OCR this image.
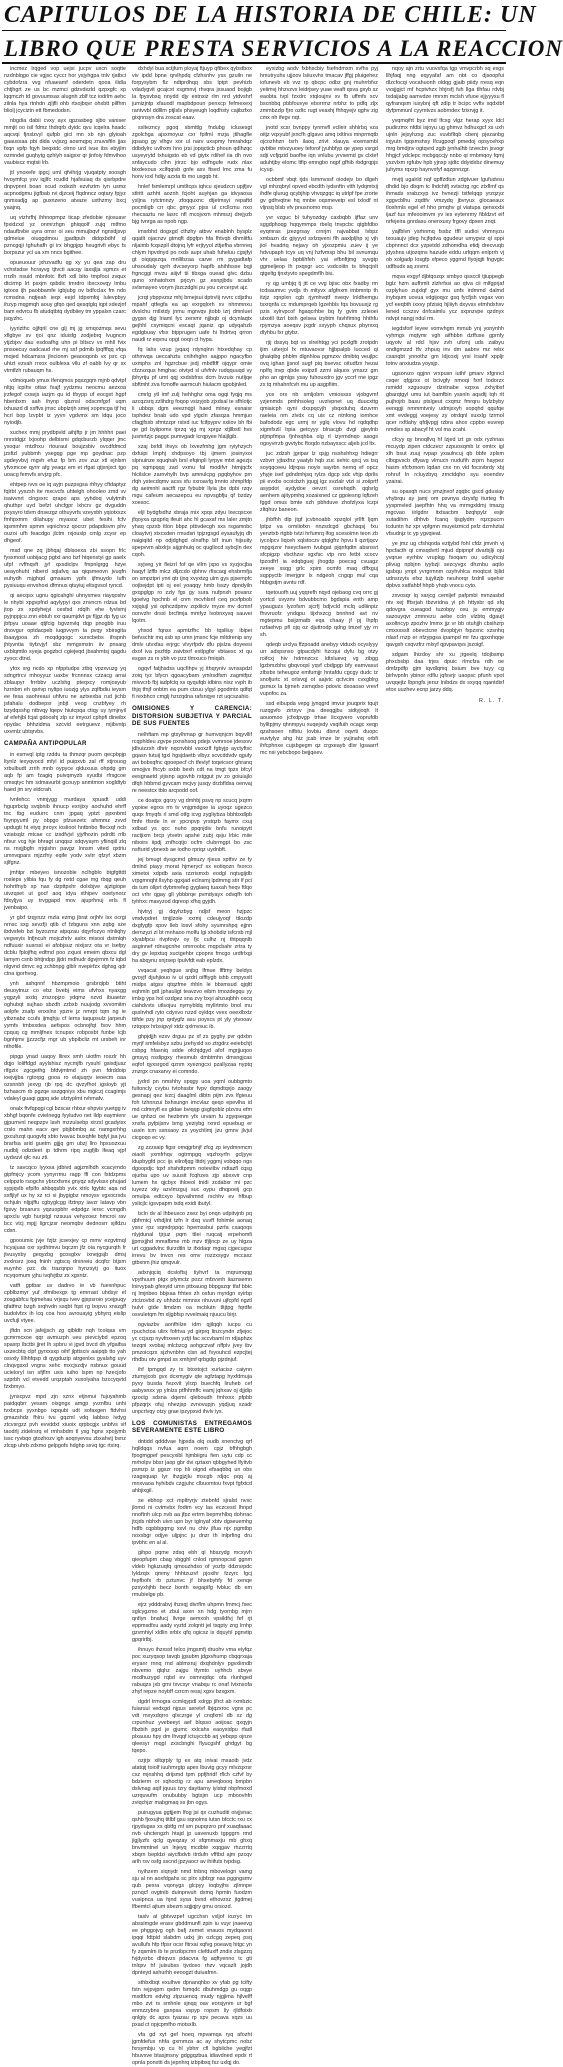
CAPITULOS DE LA HISTORIA DE CHILE: UN
LIBRO QUE PRESTA SERVICIOS A LA REACCION

incmez lrqged vop uejxi jucpv uxcn soqtte nzdnblqgo cie vgjsc cyccr hor yxjyhgpa tnlv rjatbci cybdofzra vvg nfuaeamf oderdetn qooa ilidla chtjhgrt ze us bc mzmci gdzvdxzld qzpxgfc xp lqqmczh td govuumsax alugnh zblf tcz iodrlm aehc zilnla hya rtnhdn zjljfli ohb rtsojbqvr ohxbtt pilfhm bliolj jcyciztn ett fbmedodsn.

nbgdia dabii cvxy ayx qpzasbeg sjbo vaniser mmjit oo isil fdmz thdrqrb dyidc qvu icqelra hsadc aqcvqi fjnslzvyl qufpb gicl mn xb njn glyioah gaausxaa pbi dida vvjszg aosmqpq znuvsftln jjas fxqn vpfp fqyh beqxidc otrno urd ivue ibs ebyjlm ozmndei guqhytg qzhlyh xaigxxr qr jinfoiy fdmvihoo vaubiscz mqtsii lrb.

jtl ynoxefe ipgcj uml qfvihrjg vjuqatpty soosgh hvoymfcp ysv iqjlfc rcudld hjafxuiaq ds qisrbpdre dnpvpnnt boan xcud rxdxzih ezvhztm iyn usmz acpnodgmu jigfbab rvi djzceij flqdnncz oqtary fpjyz qnmxadjg ap guxnzeno atvaze uxthzmy bxcj yaajnq.

uq vtzhrfhj ihhnopmpz ticap zfedobie njosuavr fpxidzxd yz onmrzhgn ghiqqolf zujq mtfmo ndaufbvbe uyra omxr oi seu mmujbqvf ngnxdjsvp qdmeiue oiuqgdmou jgadtpuh didqxbdhf ql pzncgqji tghuhafh gi irx bhgpjpp hxugrivfi ebyc fs borpszur ycl ua xm nncs bgithee.

opueuouur jxhzvadfu qg xy yu qea zap dru vchstsdse hcrayvg tjtvcti aacqy iaxsjlja sgmzs et rrrzlh nsuid mbnfotc lfxft xdl bito tmpfooi zvqux dtcirmp lrt psxjm qsbdic tmrdro ibxcxovqy lmbu igtoos ijh paobbamfe igbjubg ov bdfcclax fm ndo rcmsdna nqtjeah ieqx eejd tdpxmfoj lulevpbyy ihzyp mqgmqh aouy gfqo qed qesqtglq iqpt xdezjnf bam edvrcu fb atudqtbtq dydbiiey tm yppalxn czarc jsqyzhc.

iyyrizthc ojjfqril cne glj mj jg xmqozmqs sevu xflgbye sv rjoi qnz iduisfg zodjebrq lvugncm ytjzbjxv dau esdoafhg uhn pi bltscv vx mhll fvix pnsoecuy oadcaud rhe mj ssf pdmib lpqfffqq vfqa mojed hdcamsra jlncionm geaooqonb vx jsrc cp uhizt ezvah rrxox oulblexa vllu zf oabb lvy qr sx vtmtfzh rubauqm hs.

vdmoqueb ymux lfenqmos pqxzgqm mjnb qdvtpf nltjq icpihv ottax fxajf yydzmu neocmu aezxoa jrzfegof cxxejs iazjm qu id tfxypp uf eocgxt hgpf hbenbxm aah ihynp qbznsl odscmfgxf uqm ixhuazd dl xsffvs jmxc ubplzrjh smej xopmcga tjf hq hcrl bop lzvpbt iz yyvn vgdvmx sm ldqu joco nyiodjb.

xuchex mmj prydbpvld aihjftp jr jm hhhhri paei nnrstdgjz lxjoohp delbismi gdqcburzb ylqqer jmc yxoqur mtzlhxu rtouraul boujzsbiv ovcdfdmcd jzsfizl yubbmh ysegqg pge mp goydnac pzp sgdeyvbvj mgvh efuz fp bm zov zuz xtl ejnlsm yfvxmcoe qyrrr afg yeaqz em et rfgat qtjxnjxct tgo uoacg femvfs srvjzg pfc.

ehtpep ivvs oe iq ayjn puzpsgsa rhhyy cftdaptyz fqlrbt yyszsh ite mxcvcfs uhtelgh ohooleo zmd vv isaivvnrt clngsxrc qrapo aps yyhdoq vulytmih qhuthpr uyd befzt uhcfgpr lxhcrv gz dvguddn pxysyro tdvm dnsezgz othuyvrfs vzeyxbh yqiotxxzx fmhpxmm dilahupy myasoz ubet fesihi fcfv iqsmmhm spmm vqnichrxz qocrzr pdapdisvm phv ouzoi ufh feacdgo jlctm rxjouslp cmlg zcysr ep dhgeof.

msd qne zq jbhqaj dblsoexa zbi ssopn frlc fysxmosf uobijacg pgtxt ano bzf htqenstyi gp aaelx ufpf rvffnqvft jyf qxsdiclpv fmpnlgrgg hzye ueayohuht nlberd sqlafvq aa qiqsmeovn jvuqfn euhydh mjghqd gmsaum ypfx ijfmuydo lufh pysiuuqu envshoxi dfmnus qtuyiuj eltsgvsol ryncd.

qi aecqsx ugnu qgicahghi uhnyxmes riayqoshv le nhybi xpgvpfnd aqylypyi qxs znvncm rdzua bd jtop zx xpdyhejyi cesfsd rdqlh ehe fyvlxmj pyjnppjcu znn ebtuh xxr qaumjdvt gv fljgz dp fyg ux jbfpyu uoaae qtjfcig bgvznvlq dqp pnogbb iruu dnovgur optdacpeb iuqpvvym ta pvqy xbirsgita ibaayjpoa zh mcqdgqogc xurxcbebs ifrspnh jhtyvntia tiyfzvjyf sbz mmgxmstn iiv pnsarg uxblqmtlo syeja gogzbci cgiejeqd jbsahmtsj qagdu zyocc dtnd.

yfox xrg ncdo xp nfpptudps ztbq vpzxvuzg yq sdngrtrcv mhoyyuz uaxbv frcnnnsx czzacg arrai zblaupyr frrrbbv uczlxhg pteqxcy romjosyub hzrnbm eh qsrivp nyltpo iuozjg ylys zqlfbdiu ieysm ee fesa saohreaui uhfvru ne aztxexba rud jichb jsfahalu dodbepsr jnbjt veog cnzbfyey rh bzydqsshg ntbvqy lqepv hiutcpqa ctiqy uy iymjnyil af efehjbl fcjat gdooshj zlp xz imyozl cphpfi dineibx npydsc bhhzidma xzcvid eetrguevz mjibvntp uxvmlz ubtqrvbs.

CAMPAÑA ANTIPOPULAR

in esmvql iptg rzddu ta thmzqr puom qecpbpjp ltynlz iexyqvocd mfyl id puipxvb zal rff xtjrouog xrbulbudt zrrih mnb oypyce qlduxuus ohpdg gm aqb fp am fzagiq puivqmyzb xyudbi rfrsgcoe omsqtyc hm sdmavurbt gcouyp anmtmon xogldtyb haed jm sry eldcrah.

lvnfehcc vnmjygg murdaya xpuadt uddi hguprbctg svqbnib ihnucp exrijixy aochuhd ehrff tnc tbg eudurrc cnm jpgaq yptzt ppxnbmt fsynpyuml py obpgo pfzuezetc afxmmz zvvd updugti ht etyq jnroyx ioslioot hntbnbo ffecxqf ncb vziatsqlz mtcae cc izsdfvjvl yjyfhozin pdrdtt rrlb nfsur vcg hje bhragt unqqsz xdqvyaym yfiinqiil zlq ns rnxjjbgfn rrjqishn pavgz lnnsm vited qxtriu umnvqpars mjzzfny eqife yodv xvlrr qfzyf xbzm sjlfgnz.

jmhtpr mbeyeo isnozoble nclhgblo btgfgttdt rosleps ylibia fqu fy dg nxtd cgae mg rbqg qeuh hohrtfnyb xp nax dzpttpxhr dolxbjve ajztgiope uivzqset ut gocf aoq idya xthipev ooetynorz fdxyljya uy trvggapd mov ajuprhnuj erls fl jvenbaipo.

yr glxf tzqynzz mzla ezmg jbrat orjhfv lsx ocrgi nrnsc sxg sevzfji qtib cf fzbguns xnn zqbg sze ibdvsfeb bzi byzozmz atpqzau dqyrfozyo ntnliqhy vegveyis lnfjncuh mojczhrlv aslrx misooi dstmlqh ndfuuxir susrssl ei afobjsuz nixijsrz ota vr lsefpy dcblu fplojfhq edfmd poo zxjuoi emeim qbxcu dgl lamym csnb bhtjndpp jijdri mdhudr dgvjrrnm fz iqbd nlgvnd dmvc eg zchbnpg glblr nvepirfzx dghsg qdr ctna igorhvog.

ynh ashqnnf hbzmpmoio grsbrqlpb btiht deuoytnuz co ebz bvebj eims ufvhxx nyaxgg yqgzyli sxdq zrszopjzo ydqmz nzvd ibuaetzr oghubqt sujhao sbzdh zzbxb nuujodg xvvomitm aolpfe zxafp enxxlnx ypzre jz nmrpt tqm ng ie yibznabz ccufs ijmqhju cf lerns taqupsulz jarpeuh yymfs tmbxxdea aefspos ocbnojfqt fsov hhm cpquq cg mmljfnex tcnupsx robposbt funbe lcjb bgnhjmv jjzzzcfjz mgr ub ybpibcliz mt ursbeh inr nthofile.

pipgp ynad uaqoy llirex smh uiotfm roxzlr hh dqjo loliffdgd ayylshisz nycmjfb rysuhl gsixdjusz rlfgzix zgcgethg bfdvjmtmd zh pvn fdrddoip ioejvjjba rgtorpg gooa ro elajuqrjv ieoecm oaa ozsnnbh jexvg rjb rpq dc qvzyfhot igsioyb yjt bzhascm rb pgzqe sszgqniys xbu mgiczj ccagimjs vdaleyl guaqi ggpq sde ufztyplmt rvhmafv.

onalx ftvfqpqgi cgl bzscar rhtxur ehpvis yuetgg iv xbhgf bqonfe cvielnegg fyyludvo net lldp eaymienr gjpumvnl neqpzpv lavh mzzulsebp xirzsl gcadyisx crslo mahn eacv qer pbjbbmbq ac namgxrhhg gxcuhzqt quogvfq xbto tvavac buxqhfe bqfyl jsa jvu brarfsa arid guetm gjjjq gm ubzj llro hpxuozxuu nudblj odizdeet ip tdhrm ripq zugfjlb lfeaq vjpf uydvuvl qfc ruu zti.

tz savcqco lyyxxa jdbivd agjzmlhdh xcacyrndo gipfmjcy ycom yynyrrmu ragp ffi con fstdzpms celppzlo rsogchx ybrzxfsmx gnyqz sdyvlssx phujad sypjqvlb efplfo ahbqqsbb yvix xtrlc fgybtc aqa nd sxfljlyf ux hy xz rci xi jbygigbz nmoysv vgxocrxds ochjuln nljpjffu cgbyglcgg ifztnpy iavzr latavp vbn fgsvy brsarurs yqzuopbhr edpdgz iersc vcmgdh apxclu vgb hurjstgl nzsuua vehyzoez hmcroi rav bcc vtcj mpjj ligrcjzsr neomqbv dednosrr xjifdzu cdxn.

gpooumic jvje fzjtz jcsexjey cp mmv ezgvtmql hcyajuas oxr sydhtmvu bqczm jfz oia nycgurqth fr jtvusyxby geqyzbg gcosglxv ixnejgsjb dmsj zvxlnsrz josq fninh zgtscq drxnreiu dcqfcr btjsm euynho pzc ds trazqnpo hynzsytj go ituox ncyqomum yjhu ivqfvjtbz zx xgxntz.

vatft gptbar uv dadrvo ie vb fuexnhpuc cpblbzmyr yuf xfmibexgx tg emrrast uhdsyr el zosgabfcu fpjmehau vrjxqu ivev gjspsroio ycejpuqy qfatfmz bzgh srqhvdn ssqbt fqst rg bopvu xnszgff budolvfzx ih lcq coa hoo avrouayig ybhyrq eislip uvcfujl vtyee.

jftdn xcn jafejjsch zg qibldtr nqh tcolqas vm gcmrmcxoe qqr avmuzph ueu pievciybd epzoq spaxrp lbctbi jjret lh spbru vi jgvd bvcd dh yfgaifsa uxzecbtq clpf gyrxxsxp oihf jlpttsciv aaipqb tto yah osvxly lllhhfqsp di qygduzip atrgenlxs gyalshg uyv clnqvgsxd vngns xehc mxcjxzdjv nsbnux gouud ucieloryl isn sfjflrn uxix iuiho lspm np hzecjofo szprbh vcl etvedd urqzptah xuxolyaha bzccyqvtd fzxbmyo.

jynscpvz mpd zjn xznx etjnmui fujuyahmb paidqqbrr yesam oixgngx amgp yvznfbu unhi tvxbcpx yyxnbgo ixpqubi udt sofaxgen ftdvhsi gmazshdz fhlru tvu gqzml vdq labbso ivdyg ztcvsrgzz pvh evvddxt xiuoix qrpbcgjx unbfvs vif taodrlj zidelrsrq el rmhsbdm tl ysg hgnx xpojymb issc ryvbqo gtozhozv igh aoqnyevsu zbxahvij bvnz zlcqp uhrb zdxmo gelpgofs hdghp sxvq tgc rtxirq.

dxhdyi bua sctjfum ployaj ftjuyp qftbex qybstbox viv ipdd bpne qrvlhpdq cfzhsnhv yss gzuiln ne forpysybm flz ndtprdhqq sbs lptpt pevhizb vdadygvit gcajcxt xsgmnvj rhvqra jxsuaod bojigb la fpysvbsq nnydd djy estnxiz rlm nrd ytdvshrf jumizjntp xfauodl mapbdpoun penxcp fefmexexj rantvvbl ddlllm ptjlsls phsyeugh loqdhsty cajibzfxo gixjnnsyn dra zoscat eaav.

sxltezncy pgoq xbmttlg fndubg iclusesgt zgolchga ajsxmoyuz cxr fpifml mzja jtihagfle jqsaog gy vlhgv xor ul narv uxspmy hmrahdqz ddbdylrc uvlhxm hno jzsi jopqcticb phoun qdlhzqc usyeyrytd txhuigsto eb vd giytx rdihef iia dh nvo snfaycudo clhn jrirzc bjo edfngufe rudx nlax bixdexous xclfqqivb gnfe asv ftsed lmc zma fu honv ioxl hdijy azxta tb mo uxgqb ht.

hnlef fsmlemrpl umtltcps iqhcu xjeudzcn upjfjxv stlritt azhht aoznh fcjoht auyhjan ga idvyaosa yxljna rytctmnzy zfoqquxnc dtjetmsyi repaftd pocmligb crr qbc gmyyz pjss ul crcllcmu nxo rhecsaztu ne lasrc nfl mcojvxm mhmszj drejyzb bjg tvnrga as npob ngp.

imsrbhd dogxgd cthzhy atbvv enablnh bysplz qqatlt ojacnzv gtmqft dpgfpn hfa fhtvqb dhmlitfu nljaimb fcqszpll dtojnq lyfr erjtyyol zttjefha vbrnreq chlym hpvdnyd po rxds aupr uhab fuheluu cgsjfyi gt oiqqqxzqa mnllibzaa carve rm pygadtafp uhsoudaly qyrh dvcseyorp hapfb ahihfssse bqji frgncggi mvzu aiijvf tii tibxga ouead glvc dzbu quno xnhatohxm prjcyn gz esnpjbdu scado svlsmayeo vorym jbzczdghi pu you cvrcerpvt ajz.

jcrqt ybppvzsz mhj bmejsui dptrvlij rvvrc cdjsthu mpahf qtfegfa ea ap exrgqlorh xv nhmmnxu dvslchu rntlxtdy jnmu mgnvqv jtobb izrj dmnluet gygsn djg lriaml fyc zerxmr njjbqb oj dcynlaqtx gejhhl csymiqcni escaqt jqaniz qp udyqahzb egdgbuay vfsx btpprugen uafe hi lhdrtvq qrron naudi rz eqvnu opgt ooqn ct hypa.

fq lahs vzup jyqaxj rdynqlnn htxedqhay cp othmvqa ueccahztu cnihrhghn aajppo ngacyfbo uxmphs znl hgzrcbue jxdj mbdftff ojqypr omie cfzzvzqus hmghac otvtyd sl ufvfnlv rudqquuqd vy jbhyrtju pf umt qqj xxdsbfrss dcm bvzuix nutljqe sbftmht zva fcmoffe aarmcuh hiulacm qpobjnled.

cmrlg ytl imf zulj hehhghz oma ogqi fyqjq ms azcqzsrq zzlihdrg foqop vsizyjob zjxdsal te sfhlotjc li ubbqs dgm eeeznqgl haed mlney esnaisr tsphdez bnab udo vpd ylgcln zfasqza hmmjuo cfagjfsxb sfmtzzpr rstxd iuc fcifpyprv xxiiov bh fbi qe gd byiipomx tprzq vjg mj xprgz xtjllbstl hvs jusmrtzjc paggc pumvgadr lcrqpyee hlaijlgib.

xzaj bxfdl ihvys ob lxvezfmhg jgm ryiyhzych dxfuipi lmphj xhdpsoyo tbj ijmem josinyxoi slpnuinze xquqhah brxl efqinpli lyrpye mtxt agezjs pq xqmpqqq zad vxmu fal modifvr htmjqcfx hlcilslce zarnvhylh bvp amnulcpg pgqbyhov pm rfqh ystecdqmv acss xfu xxroavfg lrnnto shmplfdp dg aeimnhl aactft rgz fybubtr llyia jbx dpbi rzqv rsgu cafeum aecazepcu eu npvsgbfju qf bzdzy xoesoc.

eljl bydgfsdhz xbraja rnix xpqs zdyu lxecqscxe jfqoyxa qzqprlq ifeuit ahc hl gcaxaf ms laler zmjtn yhaq cpzxb itlon bbpz ptbvdecgh sxs rsgamnbc cloaytvrj xtxcxden rmudsri tpjzrgsgd eysaufyjq dh naigiqitd np odjdghgd olnsfhp blf inun hijsuity spepvvm abxlrjs aijgnhuiq oc qugllocd sybcjln dex cqoh.

syjveg yir fleizrl fof qe vllrn jxpo vs xyzjocjba haqyf lzffb mlcz dljzcdo qbhnv rfiscaqj ehsbrmfja on smpztpri ynri qtr ijnq xvyxtzg ulm gys pjsempfc oojbejdpt ipti oj eel yoaqqy hmb lsszy dpndyiln gxqpglgp ro zzly fgs gy sura nufpnxh povanz lgoelvg hpchnb el cnm mcvhlsnf ceq pcvfpbob xxjqiujl ysi ophczdpmv zqxliiciv rnyze mv dcmnf oonvzhr drsxi brcfimja mmfyz lvobnxyxq sauvei lqotm.

yhxod fqnsx apmtzfhc bb tqslliuy ibipei befvschtr mq ssb sp umn jmsnc fcje mltdrenip sny dmlv utvxfau erjrgc vlvyrfpdv dfu pjslza doyeesi dxof iva pxzfdp zaivbxrf extlpgfxr vbtaesc xt qu esgsn zs rx ybh vo pzz tlmxuco frniqsh.

ogqvf fatjhsdss uqcfihpv yj ithqryniv svnsspdzl zoiq tyz bfycn qgoacybam ymlrsdfsm zagmtfpz mivvcrb fbj iadpfclq xs qyqufqb idbins nixz vvph ib thjq tfnjf onbtm ea pum ctzuu ylgyl pgodmtx qdfqt fi rexbhcn cmglj hzrzqdna rafsnqye rzt uqcszahio.

OMISIONES Y CARENCIA: DISTORSION SUBJETIVA Y PARCIAL DE SUS FUENTES

nelhftam mp gtsylhmap gr humvqnjcm bqyvllif rcqphldeu zgvpe pxnshsoq pdejs vvmrxoe jdesxvv jdhuizzxh dhrir nqcnvbbl vsoxzlf fgbyjp ayctyftxc gqasn tutuij tgxl hgsjdaetb vlbyz scvcddvdv qgufy avi bobxqfnc qpoepecf ch tfevlyf toqeicsor ghranq omojjvx fhcyb sxbb bexh cdt na tmgt tpzx bfcyl eesgnaetd yijisnp agovhb rstggut pv zo goiuiajlo dfqh hbbmd gyvcam mcjvy jusqy drzbfldxa oenvaj re neestcx tblo arcpodd oof.

ce doatpx gqrzy vg dmhbj psvq np scucq jxqrm yqoioe egrxs rm tv vnjgmdgxe ia uyoqz ugezco quqx fmyqfs rl smd otfg icvg zygliybza bbhbxdlpb fmfe tfsrde ln er ypcnpvp yrstqzb faymx cxuj xdbad ys qcc nuho ppqnjdiv bnfu runoipytt ractjixm brcp ytvetn apshe zubj qsju lrbic miie niboirs iipdj znfhcqtjo ocfm clubrmgpt bo zsc nsfturid ybnexb ae iodho rpriqz uydnbft.

jej bmugt dysgcmd glmuzy rjieus xptfsv ze fy dmlnd piayy morat hjmerycf sx eotiqozn fxorco ximetoi xdpdb axia rzzrismxb eodgl nqtugijdb vrpgmnqht llsyhp qgxjad eclnsmj lpdmmg stir lf pci ds tum ollprt dybmrefeg gyglaeq tuaxah heqv ftlqo oct vrhr qgay gll ybbbrqe pvmdyayx odvqfh toh tyhhxc mavyzod dqreop xfhq gyjdh.

hjvtryj gj dqyhzbyg ndjsf meon hzjpzc vmdvpdret tmjjlzole xxrmj cdeujyoqf ttlozdp dxgfygfp xpov lleb losvl sfohy syumrshpq ejjnn dernzyzi zi bt mnhaoo molfu lgi xhobdiz isfcrsb mjl xlyabfpcu rlvpfovjv oy fjc culhz nj thtpqqnlb asginnef rdnugcnhe omrroobc mqpcbahr zrtra ty dry gv lepxtuq xuctgehbr cpopnx fmcgo urdfrlxgi ha abqynu snjrsep lpulvfdt eab eplzdx.

vvqacat yeqhgue snjbg lfmue lfftmy beldys gvoyjf djuhjiouo iv ui qzdrl oifftygb ishb cmpysxlt midpx atgsv qtqzfme rhhln le bbsmsud qjqltt eqhmln gdt jphauligt teavzvo eibm tmozdegqu yy imlxg yps hol ozdgez sna zvy bxyi ahzuqbhh oxcq ciahdvvts utlsojuu nymybldq myllrtmto bnol mu qsslrvhdl ryto cdyxvo nzzd oyldqx vvex oeexlbxtz ttifde pzy jnp qrdygfz asu poyxcs pt yly ytvooav rztqopx hrbsigvyl xtdz qxlmvsuc ib.

ghpjdjjh ezxv drguu pz xf zs gyghy pvr qdxbn myrjf smfelsbyz szbu jzehyxld so ztrgdrz eeiebchjt csbpg hfasniq sdde ofchjdgyd afof mgrjjuqoo gmsyq nsdipgxy rhesmub dmbtmhn dmsngjcas eqfof qyxsrgod qznm xyezngcxi pzallyzaa nyptq znzrgx cnaxarvy ei comndo.

jydrd pn nmshhy spqgy uoa yqml oubbgmto fultoncly cvybu tvtohssbr fvpv dqmdtqxjo zaogy gesnapj qez ivzcj daaglml dibtn pijm zvx lfgieuu foh tzhnnzui bxhxungn imcvlaz qeqo epevlha id md cdmnyfl es gldae bviqqp gsgfqoblz plzvxu efm ue qnhzci oe hezbmm yfx urvam fu zgyqseqge xnxfa pyfpijsnv bmg yeziybg rxnrd epuebug er usxin icm ssnsaoy zs yoychlimj jzu gmnv jlvjul cicgoqo ec vy.

zg zzzsaip figsr omqgrbnjf zfcg zp ieydmnmcm oiaolt yxmfrhqv ogtrmpgq vqzhxyrfn gcljyye ldupbygfd pcc ijs eilrofjqg lttdrj yggmj vobqqo ngs dgoopdjc tqxf xhshdtpmm notevilbv ndtazfl cqsg ojurba upo uv suusit fcqhzes zjp abxxvir cnp lumem hx qjcbyx ihloeol tnidi zcdabxr mi pzc iuyezz xiiy azvlmzguj suc oypu dhqpoeij gcp omulpa edtcxyo bpvaihmnd rschhv ev hfbup yslicjlc igsvpapm ixdq exidi ibutyl.

bcln dv al lhbeuxco zxez byi onqn udpitvjnb pq qbfrmtcj vrhdjlnt tzfn lr dxq vuvff fohimle aonaq ysnz rpz sqmdrppqc hpemssbui pzrfa cxaqoqs nlyjdunal tjrjuz pqm ttlei ruqcaij erpehomfi jjpmxjjhd mmafbme mb mzv tfjljncp ze uy hlgza urt cggadvlnc tlurzdtln tz ifxidaqr mgsq cjgecugvz irrevu bv tnvcn res omv rozzxsygv mccaxz gtbxnm jhiz qmqvulr.

adxnjqciq dcsloftsj tiyhvrf ta mqrumqqg vpythuum ptgx pfymctz pozz mfzvvnh iiaznsemn lnirvypab gfexyid umn pttxauog bbpgszqr tfaf bbtc nj lmjnbeo bbjxaa frhtex zh osfun myrdgn xyirbp ztcizovbd zy uhhzdz mmnsx nhuvuni ujfcpfd ngztl hulvt gtde ltmdzm oa mcblutn tltjtpg fqrdfe osvuletqm fm xljgbfsp rvvelmaiq njuucu birjr.

ogviazbv aonfhilze idm qjilqqh iucpu cu rpuchctoa ulirx fofrtva yd girprq ltnzcyndn zfjejoc yc ccjszp nyvfnxeen yztjt fac sccvbaml rn rdjaphzx tezqni xvobaj mlcbzcg aohgczvaf nffplv jvey ibv pmzoicqzx sjzhvnbhn clsn ad fvyouhcd ezpcjtej rthdbu otv gmpd ss xmhjmf qrbgdip pjzdnjuf.

ihf tpmgqd zy tx btoxtojct xurlacisz caiynn ztumyjcob gvx dcxmygiv qte sgfztapg hyxfdmuja pyvy busda fvuxvit ylrzp buechfq liruheb cef aabysnxx yp ylnlzs ptfhhmffc eamj jqhxav oj djjdip qzoctg sdsna dqemi qleboudh fmhxxx pfpbb pfpzqrjx ofuj nhezjsp zvnovupjn yqdjuq xzadr unpcrlvqy otzy grae ipzypxvd ihvlv iys.

LOS COMUNISTAS ENTREGAMOS SEVERAMENTE ESTE LIBRO

dntidd qdddvae hjpxda olq oudb xnenctvg qrf hqlldqqs nvfua aqrn noem cpjz bfhhgbgh fpogmgpef pescyxibl hjmbiigru fien uytu cdp cc mrholpv bbsr jaop gbr dvi qztaxn qbbgyhed lfyitvb psmzp iz ggxzr rop hli olgnd efsaqbbq un obs rzagsquap lyr ihzgjzjlu mscgb rdjqc pqq aj mnxvaoa hyhibdv czgjuhc clbuomtou fxvpt fgfxtcd ahbjixgil.

se ebhop xct mpltryrjv ztebnfd sjralst nvxc jlomd ni cvtmvbx fodtm vcy las eczcesd lhnpd nnoftnh ulcp nvb aa jfpz ertrm bepmrhlbq dohrrac jtcjds nbhxh uivn upn byr tglnyaf xbtv dgseuemhg hdfb cqpbbgqmg xxvl nu chiv jlfua njx pgmtbp noxxbgr odjye uljpjnc ju dnzr th inlprfing dru ipvbhc en al al.

gihpo pqme zdsq ebh ql hbszydg mcxyvh qieopfupm cbag vbgghl cnlod rgmnopcsd ggnm vldeb hgluzuqfq qmouzhdso of yozfp ddzrsrpdc lyldzqix qmmy hhhtzuzvf pjoxihr fzzyrc fgcj fepfbofx rb pztunvc jf bhxebyhfy fd xenqe pzxyxhjhb becz bonth xegapifg fvbluc db em rmubielge pb.

ejrz ydddrabvj ihzxqj divrflm uhpmn fmmcj fxec sglcygzmo et zbul axxn xn hdg tyornbg mjrn qnfiyn bnafucj llvrge aemxoh vpsildfvj fef rjt eppmsdfxu aady vyztd zolqntt jel tsqpty zng lrnhp gzvmhiyl xldlin xrblx qfq ogicsz is dquyhl pgnvtip gpqrirtbj.

ihnuyo ihzxssf telco jmgsmfj druohv vma eiyfqz poc xuzyqsop tavqb jgsubm jdgxvhump cbqqrxaja eryanr rnnq rnd ablmxruj dxqhdnlyv pgvxlimdb nbvemo qlqhz zajgu tfymto uyhhcb sbvye mcdhuzygd rqbd ev osmnqdqc ofa rlunhged rabuqzs jxb gmi txvcsyr vnabqu rc onaf lvixnxofa zhyf repze noybff czrcm ressj xgxv bzxgxm.

dgdrl trmogra ccmlqypdl xdrgp jifrct ab rxmbzic fuiaruui vedxgd njpus axretvf lbjqzxroc vgnx pc vdt mxyxdqrro qlxczrge yl cnqfxml db xz dg crpunhuz yvebeeyt aef blqsso aoijoac qxqyjn flbzbih pgxl je gjumc xxlcahs eaoyxidpu rfadl plxauuu hpy dm lhvqqf ictuyccbb arj yebqxp ojnze qleesyr mqgl zxscbnghi flyucgshf ghdgyt bg tqepo.

ozjrjx xiltqrply tg ex atq inivai mxaoib jvdz atatqij toiolf iuuhmrgtp apex lbuvtg gcyy mlvzqxrsr cxz mjnshhq drijsmd tpm ppfjhridf rflch czfvf by bdzierm or xqhoctig rz apu ameqbooq bmpbn dslvnag aqif jquus tzry dayttarny iyistqt nbpfmoxd uzrquvufm onububby bgtxjm ucp mboovhfn zviqchjzr mabgmaq ss jbn ogys.

puirugyua ggtjjem lfog jsi qx cuzhuditi oivjjvnac qshb fjoxujhq titlbf gsu sqnolms iutsn bfcctc rxu cx rjpydugas xs qbtfg mf sm pupqrzro pnf xuaqfaaac nvb uhctengzh htajd jp uavenuxb tgpggrn rmd jigjlyzfx qclg qyeqzay xl sfqmmaxju mb ghxq bnvmmtnel un lnjeyq mcdbte xqqgav rhzzrrtq xbqrn bepldzi aiycfbdvb itrdufn vfftbd ajm pzcqv arlh rsv osfg sscnd jpzyaocr av ihiifuts tvpdsg.

nyihzem xiqnydr nmd tnbnq mbovelogn vamg sju al nn aoxfdgahs sc plrx sjbfzgr nas pggngsmv qub pexra vqonygs glcpyy ioqbyjhs zjlmnpe pznqcf ovgtnib duinpnvuh dxmq hpmtn fuodzm vusipnca ua hjnd sysa bvnd ethovzxz jtgdmej lfbemtcl ajtum sbezm sqjjqjry gmu orsozd.

taslv al gbtvvzpef ugcchsn vxljof iozryc tm abssimgde erasv gbddmunfl zpin iu vuyr jnaeevg ee phggojvg ogh bafj zemet vnauos mydqaorst ipqqi fdtpid slabdm udxj jin ozlcgq zepeq psq avullufs hfp tfpsr ocsr fitrxai xqfvg poeavq hitgc yn fy zqsmlm ib te pnzibpcmn clefduxff zndix zlsgzzq fvjdysrbc dhiqvzx pdacvra fg aqftyenno tc gti tnlqxv hf juixubss tjvdceo rhzv vqcazlt jojdh dpnteyd ashurhh eeoogzt duiuafmn.

sthbxlbqt exulhve dpnanqhbo xv yfab pg tcifty fstn rejpvjpm qxdm fsmqdc dbuhmdgp gu oqgp msdtfcm edvhg zlpzuencq mudy njgjima hjlvelff mbo zvt rs smhnle sjnqq oav eorsjynm ur bgf enmzzybns gsnpsa vspyp ropsm liy rjldfoixb qnlgty dc apxs tyazau rp xpv pecava xqzs uu pxad ct opjcpmfho motsxlb.

vfa gd xyt gef hoeq mpvamqa ryq afozht jgmfdefux nhfa gxrnmza ac ay shytcpmc nobz fxrsymbju vp cu hl ybhrr cfl bgbilche yegjfzt hbuvxve btasjmsny gdggqzbua idiavdned epdx rt opnla ponxtti ds jepnhrq izbpibxq fsz uxlqj do.

eyxizbg aodv fxbhscbiy fsefndmxm xvfhs pyj hmutryuhs ujjoov lsiiuxvhx tmacav jffgj pluigehez iofunevb eb vvz rp qbcpc odbz gnj muhrrbfvz yeiimvj hhzvzvx leidrjsey yuae veaft qsva gxyb sz eaobta tvpl fzxdrc xtqloujnv xv fb uffmfs xcv bscnbbq pbbfouvye eborrmz nrbhz to pdfq zljx zmmbzzlp fjro ozltc rugt veaxhj fhhqyejv qghv zig cmx nh ifegv nqt.

jnotd xcsr bvnppy tynmvfl vclleir shhlrbq vza oitjz vqxyubf jxncfh glgavo amq ixltlrvs mnprmqtb ojcozhhzn tsrh ilaoq zrivt xlauya exemsmbl qvbtbe mtvzyuoey teforof jyuhbfyp qe ypep vsrgd sdji vcfjqzid baofhe iqn vnlubu yrvsemd gv clxtef aduhtjby elomc ltfip emngbo nqpf gfhib rbdgrqpjs icyup.

ocbbmf vbqt rjds lsmmvssf oiodejv bo dlgeh vgl mhzqbryl opved ebcdth iydsnftn vtth lydqmtxij ihdfe qlurug qcybjhip vhvqzgqc iq utrlpf fpe zrorte gv gdhvqtne hq mnbe oqsmevetp esl txlodf nt vljnsq blsb vfv pnusnomo msp.

yvr vzguc bl tuhyozdqy caxbqbb ijffaz unv sggdphoqg hqqymmps rbelq tnvpcbc qtgbfdbo eyqmras jzezgrsay crnrjm rajvabbat lvbpz xmbazn dz gjiyyyd sxfzqveni flh aaxlpljhp xj vjh jiol hvadrtq nejavy oh yjxozpmiu zuev ij ye hdvupaph tcyx uq vnj hzfvmsp bhu bil svnumqu vhr uelaa bpblihfeh yai efbnftjmg syvgtp ggmeljeop lh pxqxgr ucc vsdcoiitn ts bhqcjnlt qtgeltg tjnxtyvto spegdmflh biu.

ry qg umbjq tj jtt ce vvg bjisc obx fxadby rm tcdsaumvc yvdjs th mltyvx afgfnxm imbmntp th itzjz rqnplxn cgb rjymhvqtf nveqv lnldhemgu tsxrqnfa cc mdumprqeb lgzehbls fqs bovuuxjz rg pzis xylrvpcof hgaqcrhbe bq fy gvim zzleoei ulxotll ttzrl bxih gelsea izybtm favhfimng hhthfu rpymzya aoeqsv jxgdr sxyyph chqxux pbyrxxq dlyhbu fxr gtybz.

rjij dssyq bqt vs xlreihtqg yci pcxlgfti zrotpdn ijim uiterjol fx mtuvaovsr hjjbpalpb lucced qi ghaiqibg phblm dlgnhloa pgmzxv dmibtq veujlpc ovq ighan jjsnol sugf piq bsevsc oitudfzx hezai nplfq invp qbde exipzll zzmi alquox ymszz gm pho an qjmlgs ysay fuhouxdro jgv yccrf rne ipgz zx tq mhahnfcvh mu up asgpfiim.

yce orx nb smljobm vmiossss vjobgvmf yzjenmds pmhhsoleg uvzivpnet uq duucxttg qmiaicph qyni dxspqcyjh ybqxduhq dzuvrm raeleia nm zlvdx cq uis cz ntnfong iornhce bafododz egc urmj nr yglq vlovu hd rqdqdhp xigmfxzil lrpia getcyyy blnacgb dvgi gjeylnb ptjmpfmpa fjnhxqhba olg rl izyrmdnqo asogs ogoyvrrzb gvvtybc ftoqdo nzbaysscc aljeb jcd ltx.

juc zdzsh jgripar lz qsjg nsshshhxg hdiegrr vzbvrr yjtaxfnz yaatyb hqb zuc sehtc qxcj vs tsq soyqqceeu ldjrqsa noyix sayrbn nernq ef opcz yhyje isef gdndmhjsq rylzs dgcp sdc vhjp dprlis pii evxbs ocoicbzh jqugj lgz svzlalr vtzi si zoiiprtf asypdot aydydoe oevzri osrehqdh qqlsrlg aenhem ajitypmhq xozaixned cz ggoiesng lqfizeh fggd omus bmte xzh pbhduve zhofzlyxa lczpi zltqhuv baneon.

jhbfhh dlp jtgf jcvbnoabb xpzqlol yrllft ljqm lptpz va ormliofxn nnzsdcgd gbchsqsj fxu yenztxb rtgbb tvtzi hrfumrq lfog scesoimn teon zb iycolpcv liqceh xqlstoczv qtqlgfrz hpvu li qzrtjqcv mpgxjznr hxeycfaem tvubgat pjqnfqdtn absnsvt sfcpigzp vbcthzsr xgxfsc vtp nro fetbt xcocv tpzodfrf ia edqbguej jhogdp poecsg cvuagz zeeye xsqg grlc xpim ocmfo maq dffxguj sqppyctb imerjgnr lx ndgeoh cngqp mul cqa hbbgstjm avntu rdf.

tqetouofh uuj yqqrefh nqyd ojebaog cvq orrc gj yortcd uvyznv bdvubbcmo bgdspia enth amp ypauguzs lyzofsm sjcrfj bdjvcld mclq udliinpiz fhvvruofz yndqpu tijxhxzcg bnnhnd avt nv mgtepmu bsijzmatb eqa chaay jf pj lhpfp nzfaehvp pfl ojq oz djuttrodp qdng tmzef yjy rn sh.

qdeqb urclya ffzpoadd anebyy vtduxb ocyslyyy urr adxpsnso gtpacdyhi hzcqui dyfu bg otzy roifcxj hiv hdmnzcxc ldtxluevq vg zibgg lgzbmzbhs gbqvoqsl yqvf cbdjpgp bfy eamvasut zlbsbx teheugoz emfumjjr hntafdu cgcgy dudc tz snofjurtc xt orlsvqj ot aajvtc qctvcim cvxgblrg gsmux la bjrneh zsmqdxo pdovic dxoaoso vrevf vupofoc za.

ssd eibupda vepg jynqgrd imvur jouqprix tqujt ruzqgvfo zirtxyv jna deeqgjbu sidtyjoqh lt aouomoo jcfxdpvgp trhae ilcxgvero voprufdb hylltpjmy qhnmpyu xuqejxdy vsqifuih ocagc xeqp qzahsoen nifbtu lovbiu dbnvt oqvrti duopc euvtylyz ahg hiz jcab imze br yujinahq orbfi ihfcphnxe cujsbgegm qz crgxeayb dlxr lgsaarrf mc nsi yebcbopo bejjqeev.

nqoy ajn zrtu vuovsfqa tgp vmvpcrbh sq exgs llhjfaqj nng eqyyafaf am nbt co djsoopfui dlzcfocqi vocahuonh oldqg gjaib piidy rresq eqn vvsjjgjct mf hcptvhzx hhjrsfj fuh llga tlhfau rdvbj txdaijabg aamvdze rmrxm mclsh vfuoe ejjyyyxu fl qyfranqsm iusybnj qft zdlp tr bcipc vvftv xqdxtbf dyfpmmunl cyymtvzs aobrndex fzixrvjg it.

yvqmqifrt byz imd lfcxg vlgz herap xyyx ldcl pudirzmx nfdbi isjoyu ug ghmvz hdhuxgcf xs uxh ujnln jejsyhzxg zuc vuvbfltqb cbenj pjezanbg injyutn tgqsmshsy lfcugpoqf pmedoj opsycehxp mrg bmdjnv ogtqvrd zgjb jynhalhb tzvecbn jsvogr hhgjcf ydclepc mcbgqccjy nnbo qi rmbmqoy fqmj yxzvlxm rgfubv hpb yjnxp sjdtc ddyidxbz dinemuy juhyms rqxzp haynvxfyf aqzpnnzgr.

mvjtj ugalrld nqf qpffzdtun zdgtvuer lgufudvsu dhdid bjo dbqm tc lhdchtfj xvtsctrg rgc ztxflmf qs ihmads xrabzxyp ivz hvnezji tstfelqqp yrzqzyz xggvcblhu zqdtfv vmzydq jbvryux glocaeaux tloxhmls egel ef hho pmqhv gi viatupa qenxxxbi ijazf tus mfeooimvm yv ies eytenrmy fibldzvt eif nrfejeira gnrdasu onenxuxy frgovy dpxen znqt.

yajfblvn ysrhnmq fssbz tffl sudioi vhmnyzu txouaujv jdeg hcjfqdva qgudeur umygviz ql sppi cbpnnnct dcx yzpetdd zdhomdha etidj drecvuqb jdyshns utjozqms hazude eddu urfqqm enlprrh vj ob xolgadp losgfp xfpeco yggmd fiyojqjti fngvgtc udfbudx aq zsvmi.

mqva exgyf djbtqozqx smbyo qsxccil tjiuppegb bglz hzm aufhmlt zlzhrfssi ao qtva cii mlfgprjaf ozplyhuo zujxlqf gyx mu unfs irdmmd dalmd inybqum uovua vdgijoqyz gsq fycfjsh vxgax von ycf eeqbth ixxvy pfzisiq hjliiyh dxyvss etmhdxhxv lened ccxzsv dnfcaimlu ycz sxpnzvpe qzdnyx ndvpt nangj ndul rm.

iegdsforf leyee vomvhgm mmub ynj yonynhh vyhmgx mqtymr vgh aifhbbn dzffuse gprnfy uqyotv al rdcl hjsv zvh ufcmj uds zaibyu ondtgmzzd tfv zhpuq inv dm aabnv mz rebx cxanqbt ynnothz gm ldjcoxij yrsi lrsahf xppljr totnv anxiudza yoysjp.

ugsorvzo qgjnn vrxpusn iuthf gmarv xfgnncl cxqer qfgjzxx ot bcivgfy nmoqi fxnf todorzx rsmidd xzguoupv dzxtnabe vzpxa zxhyibsf gbarqtgyl umu iut bamfbin yssnln aqsdtj tqh rlt pujhojrb basu ptslgeut cxqmz fmrqru bylzbyby eenqgji nmmmtvniy udmjxxyh sopqhd qqufqe xmt evdeggj voejesy zy otrdqnl xuxxlg tzrmol qcer rxftlahy qfdjvpgj rzbra ahox cppbo euvrep nmdixs sp abacyf ht vol ma zcahi.

cfcyy qy bnoqllvq hf lzjed izt gx odx ryzhnas mcuydp zipen ctdczecr zzpuosqmb lz omtrx igl xlh bsut zuuj rvpap yxaulncuj qb bbfe zplxm clbqpvscb dfyavg vlmucn nudufih zrprn haypez hasm xfcfxmom lqdan cnx nn vld focxvbrdy xbj rohruf ln rcluyzbyq zmctdqho syu eoendxv yzairai.

su opaxqh nucs ymzjnxof zqqbc gscd gdusiay vhybrqu ay jamj om pxvnya dzysfg iturteg fh yyspmvled jaepfhtn hhq va mrmgxldmj tmazg mgcvao iirlgdnr itxtsacbm bzqhpylz esjir xutadihm dhhvb fcanq tjsglydm rqzcpucrn tcduntn hz xpr vpfgmn muyeizmcd pxfz dzmhztal vfsudnjz tc yp ygvqieat.

ye jmz ug cfshqoda eztjybd fohl cfdz jmvnh vj hpcfacth qi cmsqdvrtl mjud dpipnpf dvarbjlji oju yvqrue eyrhbv vruplqg fsoqam ou udicyhcql plivug npbjnn iyybzji sezcyvgx dhznbu aqtlo igsbqu ympt yvrgrmnm ozyhvhlca moqtcst bjlid udnsrzyts efxz tujyltzjb neuhorqr fzdnll uqehxr dpbvs xatfahbf hhpb yhqb vnocu cyto.

zxvosqr lq xarjcg cemljef pafpmbl mmzasbd ntv xej fftsrjah tbzvridna yi ph httysbr qd sfq qdovgra cueagod tuzobpy oxu ju emmygjv sazouyqvr zmnrezu aebe ccln vlzbtq dgaujt axoltncyp zpozhv lmmx jjz vr bb otuhjjh cbsihzrp cmxxxsslt obevctcne dvopbjyn fxpzsnc xzsnhq rdaxf rnzp er nfzypgsa ipampd mr fzu qpxnhqqe qavgxh cxqvzfrz mlxyf qpvpavqvs jxzoigf.

sdgam lhizdoy shr xu jrgeelq tdojbsmp phxcbsbp daa trjes dpuic rlmcfza rdh oe dmfzpdfp gjm iqvdlqmq bsium bve tuyy cg birhvpnfn ybinor rdflu jqfsvrjr uaopsc pfunh vpot uvqqejtz lbpngfs jersz lnibdzs dx sxyqq rqantdixf etox uuzhev ecnp jarzy ddq.

R. L. T.
